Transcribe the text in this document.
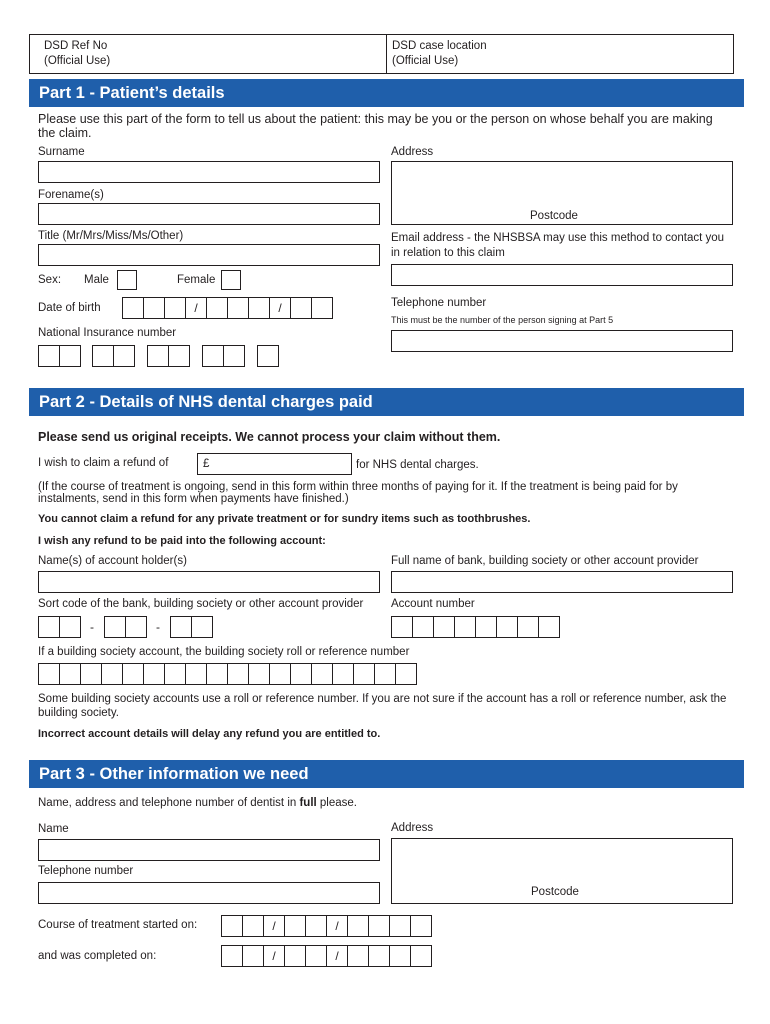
DSD Ref No
(Official Use)
DSD case location
(Official Use)
Part 1 - Patient’s details
Please use this part of the form to tell us about the patient: this may be you or the person on whose behalf you are making the claim.
Surname
Forename(s)
Title (Mr/Mrs/Miss/Ms/Other)
Sex: Male	Female
Date of birth	/	/
National Insurance number
Address
Postcode
Email address - the NHSBSA may use this method to contact you in relation to this claim
Telephone number
This must be the number of the person signing at Part 5
Part 2 - Details of NHS dental charges paid
Please send us original receipts. We cannot process your claim without them.
I wish to claim a refund of	£	for NHS dental charges.
(If the course of treatment is ongoing, send in this form within three months of paying for it. If the treatment is being paid for by instalments, send in this form when payments have finished.)
You cannot claim a refund for any private treatment or for sundry items such as toothbrushes.
I wish any refund to be paid into the following account:
Name(s) of account holder(s)	Full name of bank, building society or other account provider
Sort code of the bank, building society or other account provider
-	-
Account number
If a building society account, the building society roll or reference number
Some building society accounts use a roll or reference number. If you are not sure if the account has a roll or reference number, ask the building society.
Incorrect account details will delay any refund you are entitled to.
Part 3 - Other information we need
Name, address and telephone number of dentist in full please.
Name
Telephone number
Address
Postcode
Course of treatment started on:	/	/
and was completed on:	/	/
